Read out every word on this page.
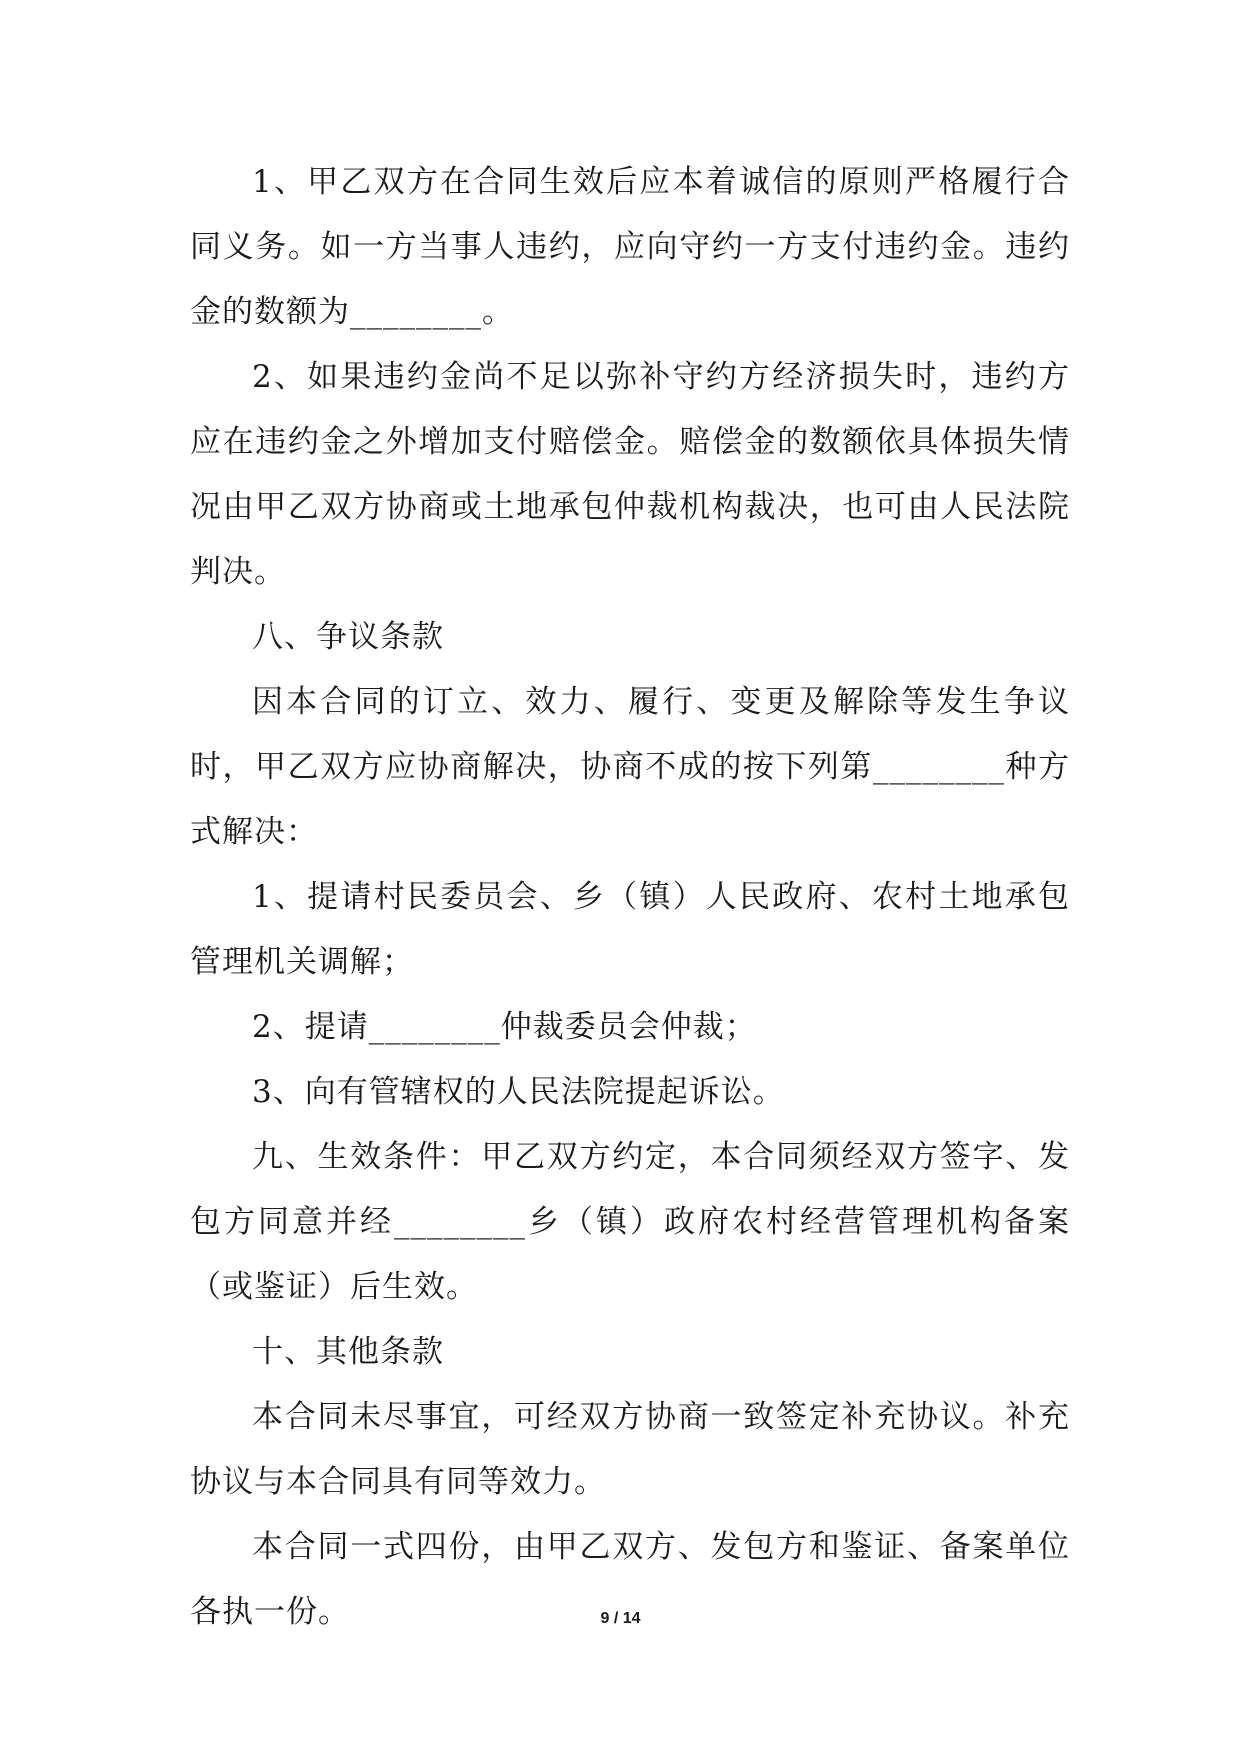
1、甲乙双方在合同生效后应本着诚信的原则严格履行合同义务。如一方当事人违约，应向守约一方支付违约金。违约金的数额为________。

2、如果违约金尚不足以弥补守约方经济损失时，违约方应在违约金之外增加支付赔偿金。赔偿金的数额依具体损失情况由甲乙双方协商或土地承包仲裁机构裁决，也可由人民法院判决。

八、争议条款

因本合同的订立、效力、履行、变更及解除等发生争议时，甲乙双方应协商解决，协商不成的按下列第________种方式解决：

1、提请村民委员会、乡（镇）人民政府、农村土地承包管理机关调解；

2、提请________仲裁委员会仲裁；

3、向有管辖权的人民法院提起诉讼。

九、生效条件：甲乙双方约定，本合同须经双方签字、发包方同意并经________乡（镇）政府农村经营管理机构备案（或鉴证）后生效。

十、其他条款

本合同未尽事宜，可经双方协商一致签定补充协议。补充协议与本合同具有同等效力。

本合同一式四份，由甲乙双方、发包方和鉴证、备案单位各执一份。	9 / 14
